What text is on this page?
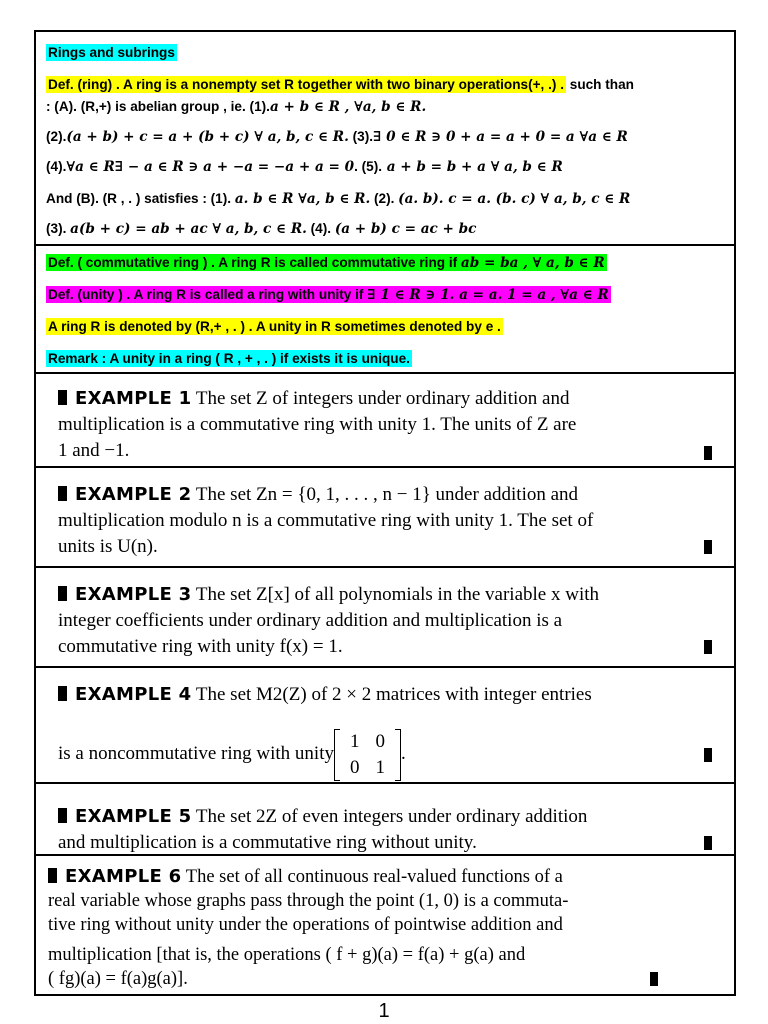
Rings and subrings
Def. (ring) . A ring is a nonempty set R together with two binary operations(+, .) . such than
: (A). (R,+) is abelian group , ie. (1).a + b ∈ R , ∀a, b ∈ R.
(2).(a + b) + c = a + (b + c) ∀ a, b, c ∈ R. (3).∃ 0 ∈ R ∋ 0 + a = a + 0 = a ∀a ∈ R
(4).∀a ∈ R∃ − a ∈ R ∋ a + −a = −a + a = 0. (5). a + b = b + a ∀ a, b ∈ R
And (B). (R , . ) satisfies : (1). a. b ∈ R ∀a, b ∈ R. (2). (a. b). c = a. (b. c) ∀ a, b, c ∈ R
(3). a(b + c) = ab + ac ∀ a, b, c ∈ R. (4). (a + b) c = ac + bc
Def. ( commutative ring ) . A ring R is called commutative ring if ab = ba , ∀ a, b ∈ R
Def. (unity ) . A ring R is called a ring with unity if ∃ 1 ∈ R ∋ 1. a = a. 1 = a , ∀a ∈ R
A ring R is denoted by (R,+ , . ) . A unity in R sometimes denoted by e .
Remark : A unity in a ring ( R , + , . ) if exists it is unique.
EXAMPLE 1 The set Z of integers under ordinary addition and
multiplication is a commutative ring with unity 1. The units of Z are
1 and −1.
EXAMPLE 2 The set Zn = {0, 1, . . . , n − 1} under addition and
multiplication modulo n is a commutative ring with unity 1. The set of
units is U(n).
EXAMPLE 3 The set Z[x] of all polynomials in the variable x with
integer coefficients under ordinary addition and multiplication is a
commutative ring with unity f(x) = 1.
EXAMPLE 4 The set M2(Z) of 2 × 2 matrices with integer entries
is a noncommutative ring with unity
1	0
0	1
.
EXAMPLE 5 The set 2Z of even integers under ordinary addition
and multiplication is a commutative ring without unity.
EXAMPLE 6 The set of all continuous real-valued functions of a
real variable whose graphs pass through the point (1, 0) is a commuta-
tive ring without unity under the operations of pointwise addition and
multiplication [that is, the operations ( f + g)(a) = f(a) + g(a) and
( fg)(a) = f(a)g(a)].
1
